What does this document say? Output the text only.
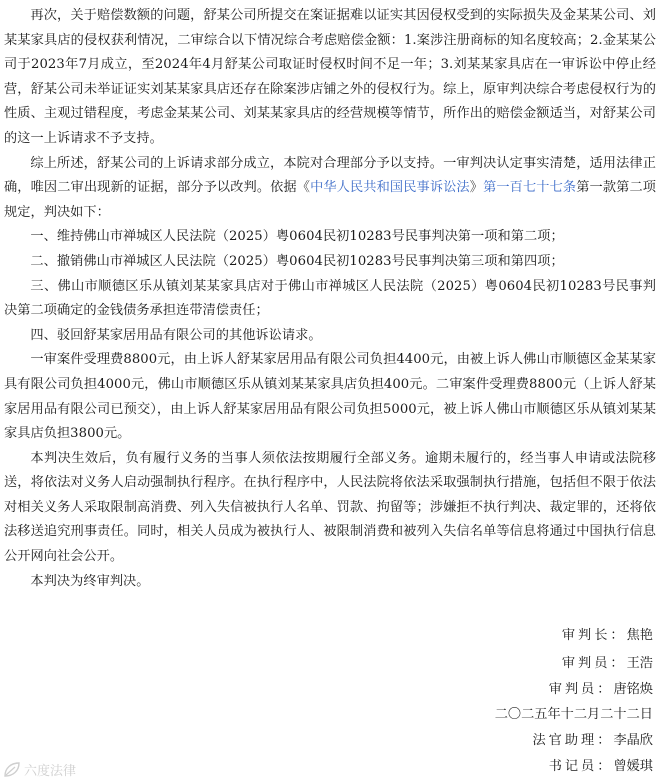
再次，关于赔偿数额的问题，舒某公司所提交在案证据难以证实其因侵权受到的实际损失及金某某公司、刘某某家具店的侵权获利情况，二审综合以下情况综合考虑赔偿金额：1.案涉注册商标的知名度较高；2.金某某公司于2023年7月成立，至2024年4月舒某公司取证时侵权时间不足一年；3.刘某某家具店在一审诉讼中停止经营，舒某公司未举证证实刘某某家具店还存在除案涉店铺之外的侵权行为。综上，原审判决综合考虑侵权行为的性质、主观过错程度，考虑金某某公司、刘某某家具店的经营规模等情节，所作出的赔偿金额适当，对舒某公司的这一上诉请求不予支持。

综上所述，舒某公司的上诉请求部分成立，本院对合理部分予以支持。一审判决认定事实清楚，适用法律正确，唯因二审出现新的证据，部分予以改判。依据《中华人民共和国民事诉讼法》第一百七十七条第一款第二项规定，判决如下：

一、维持佛山市禅城区人民法院（2025）粤0604民初10283号民事判决第一项和第二项；

二、撤销佛山市禅城区人民法院（2025）粤0604民初10283号民事判决第三项和第四项；

三、佛山市顺德区乐从镇刘某某家具店对于佛山市禅城区人民法院（2025）粤0604民初10283号民事判决第二项确定的金钱债务承担连带清偿责任；

四、驳回舒某家居用品有限公司的其他诉讼请求。

一审案件受理费8800元，由上诉人舒某家居用品有限公司负担4400元，由被上诉人佛山市顺德区金某某家具有限公司负担4000元，佛山市顺德区乐从镇刘某某家具店负担400元。二审案件受理费8800元（上诉人舒某家居用品有限公司已预交），由上诉人舒某家居用品有限公司负担5000元，被上诉人佛山市顺德区乐从镇刘某某家具店负担3800元。

本判决生效后，负有履行义务的当事人须依法按期履行全部义务。逾期未履行的，经当事人申请或法院移送，将依法对义务人启动强制执行程序。在执行程序中，人民法院将依法采取强制执行措施，包括但不限于依法对相关义务人采取限制高消费、列入失信被执行人名单、罚款、拘留等；涉嫌拒不执行判决、裁定罪的，还将依法移送追究刑事责任。同时，相关人员成为被执行人、被限制消费和被列入失信名单等信息将通过中国执行信息公开网向社会公开。

本判决为终审判决。

审判长：焦艳
审判员：王浩
审判员：唐铭焕
二〇二五年十二月二十二日
法官助理：李晶欣
书记员：曾媛琪
六度法律
